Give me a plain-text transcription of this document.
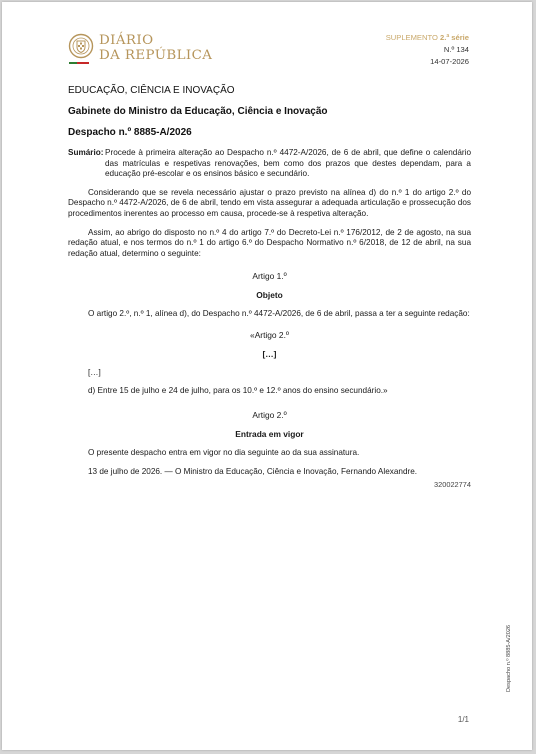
DIÁRIO
DA REPÚBLICA
SUPLEMENTO 2.ª série
N.º 134
14-07-2026
EDUCAÇÃO, CIÊNCIA E INOVAÇÃO
Gabinete do Ministro da Educação, Ciência e Inovação
Despacho n.º 8885-A/2026
Sumário: Procede à primeira alteração ao Despacho n.º 4472-A/2026, de 6 de abril, que define o calendário das matrículas e respetivas renovações, bem como dos prazos que destes dependam, para a educação pré-escolar e os ensinos básico e secundário.

Considerando que se revela necessário ajustar o prazo previsto na alínea d) do n.º 1 do artigo 2.º do Despacho n.º 4472-A/2026, de 6 de abril, tendo em vista assegurar a adequada articulação e prossecução dos procedimentos inerentes ao processo em causa, procede-se à respetiva alteração.

Assim, ao abrigo do disposto no n.º 4 do artigo 7.º do Decreto-Lei n.º 176/2012, de 2 de agosto, na sua redação atual, e nos termos do n.º 1 do artigo 6.º do Despacho Normativo n.º 6/2018, de 12 de abril, na sua redação atual, determino o seguinte:

Artigo 1.º
Objeto

O artigo 2.º, n.º 1, alínea d), do Despacho n.º 4472-A/2026, de 6 de abril, passa a ter a seguinte redação:

«Artigo 2.º
[…]
[…]
d) Entre 15 de julho e 24 de julho, para os 10.º e 12.º anos do ensino secundário.»
Artigo 2.º
Entrada em vigor

O presente despacho entra em vigor no dia seguinte ao da sua assinatura.

13 de julho de 2026. — O Ministro da Educação, Ciência e Inovação, Fernando Alexandre.

320022774
Despacho n.º 8885-A/2026
1/1
